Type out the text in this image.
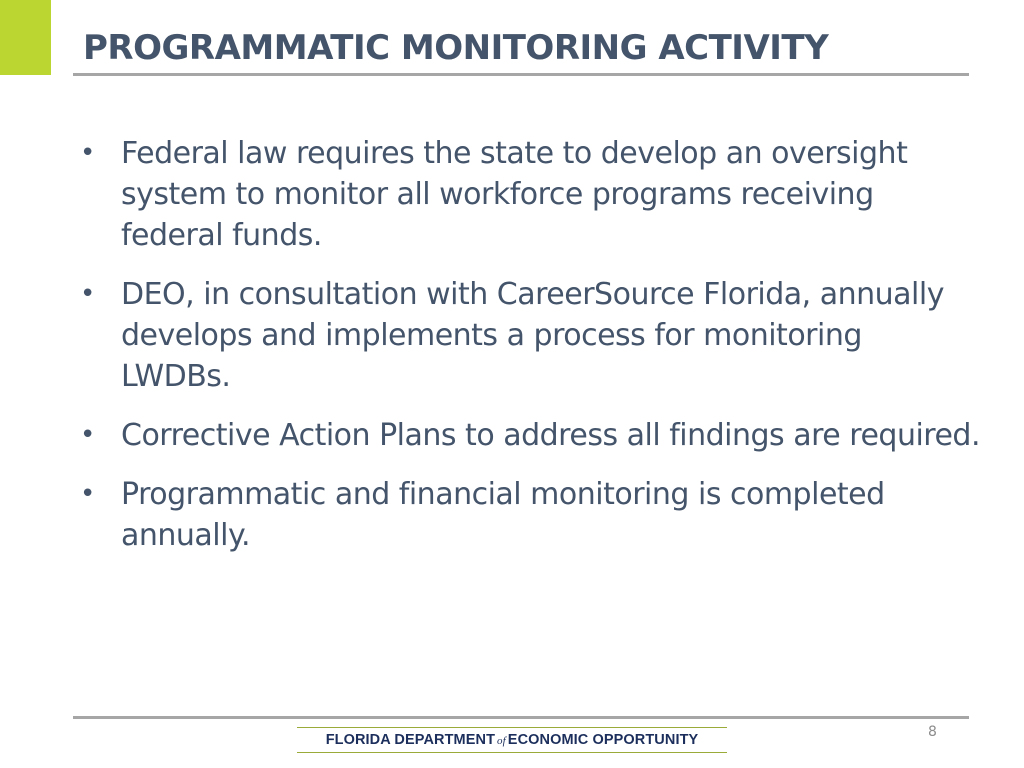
PROGRAMMATIC MONITORING ACTIVITY
• Federal law requires the state to develop an oversight system to monitor all workforce programs receiving federal funds.
• DEO, in consultation with CareerSource Florida, annually develops and implements a process for monitoring LWDBs.
• Corrective Action Plans to address all findings are required.
• Programmatic and financial monitoring is completed annually.
FLORIDA DEPARTMENT of ECONOMIC OPPORTUNITY	8
